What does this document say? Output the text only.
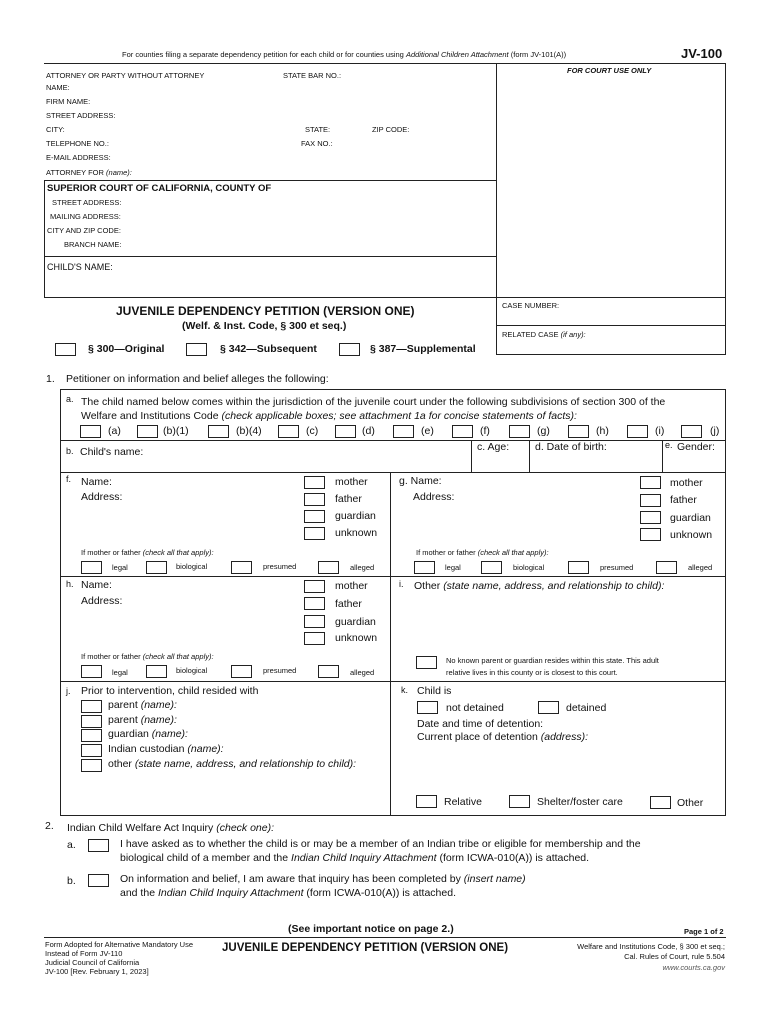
For counties filing a separate dependency petition for each child or for counties using Additional Children Attachment (form JV-101(A))	JV-100
FOR COURT USE ONLY
ATTORNEY OR PARTY WITHOUT ATTORNEY	STATE BAR NO.:
NAME:
FIRM NAME:
STREET ADDRESS:
CITY:	STATE:	ZIP CODE:
TELEPHONE NO.:	FAX NO.:
E-MAIL ADDRESS:
ATTORNEY FOR (name):
SUPERIOR COURT OF CALIFORNIA, COUNTY OF
STREET ADDRESS:
MAILING ADDRESS:
CITY AND ZIP CODE:
BRANCH NAME:
CHILD'S NAME:
JUVENILE DEPENDENCY PETITION (VERSION ONE)
(Welf. & Inst. Code, § 300 et seq.)
CASE NUMBER:
RELATED CASE (if any):
§ 300—Original	§ 342—Subsequent	§ 387—Supplemental
1. Petitioner on information and belief alleges the following:
a. The child named below comes within the jurisdiction of the juvenile court under the following subdivisions of section 300 of the
Welfare and Institutions Code (check applicable boxes; see attachment 1a for concise statements of facts):
(a)	(b)(1)	(b)(4)	(c)	(d)	(e)	(f)	(g)	(h)	(i)	(j)
b. Child's name:	c. Age: d. Date of birth:	e. Gender:
f. Name:
Address:
mother
father
guardian
unknown
If mother or father (check all that apply):
legal	biological	presumed	alleged
g. Name:
Address:
mother
father
guardian
unknown
If mother or father (check all that apply):
legal	biological	presumed	alleged
h. Name:
Address:
mother
father
guardian
unknown
If mother or father (check all that apply):
legal	biological	presumed	alleged
i. Other (state name, address, and relationship to child):
No known parent or guardian resides within this state. This adult
relative lives in this county or is closest to this court.
j. Prior to intervention, child resided with
parent (name):
parent (name):
guardian (name):
Indian custodian (name):
other (state name, address, and relationship to child):
k. Child is
not detained	detained
Date and time of detention:
Current place of detention (address):
Relative	Shelter/foster care	Other
2. Indian Child Welfare Act Inquiry (check one):
a.	I have asked as to whether the child is or may be a member of an Indian tribe or eligible for membership and the
biological child of a member and the Indian Child Inquiry Attachment (form ICWA-010(A)) is attached.
b.	On information and belief, I am aware that inquiry has been completed by (insert name)
and the Indian Child Inquiry Attachment (form ICWA-010(A)) is attached.
(See important notice on page 2.)	Page 1 of 2
Form Adopted for Alternative Mandatory Use
Instead of Form JV-110
Judicial Council of California
JV-100 [Rev. February 1, 2023]
JUVENILE DEPENDENCY PETITION (VERSION ONE)	Welfare and Institutions Code, § 300 et seq.;
Cal. Rules of Court, rule 5.504
www.courts.ca.gov
